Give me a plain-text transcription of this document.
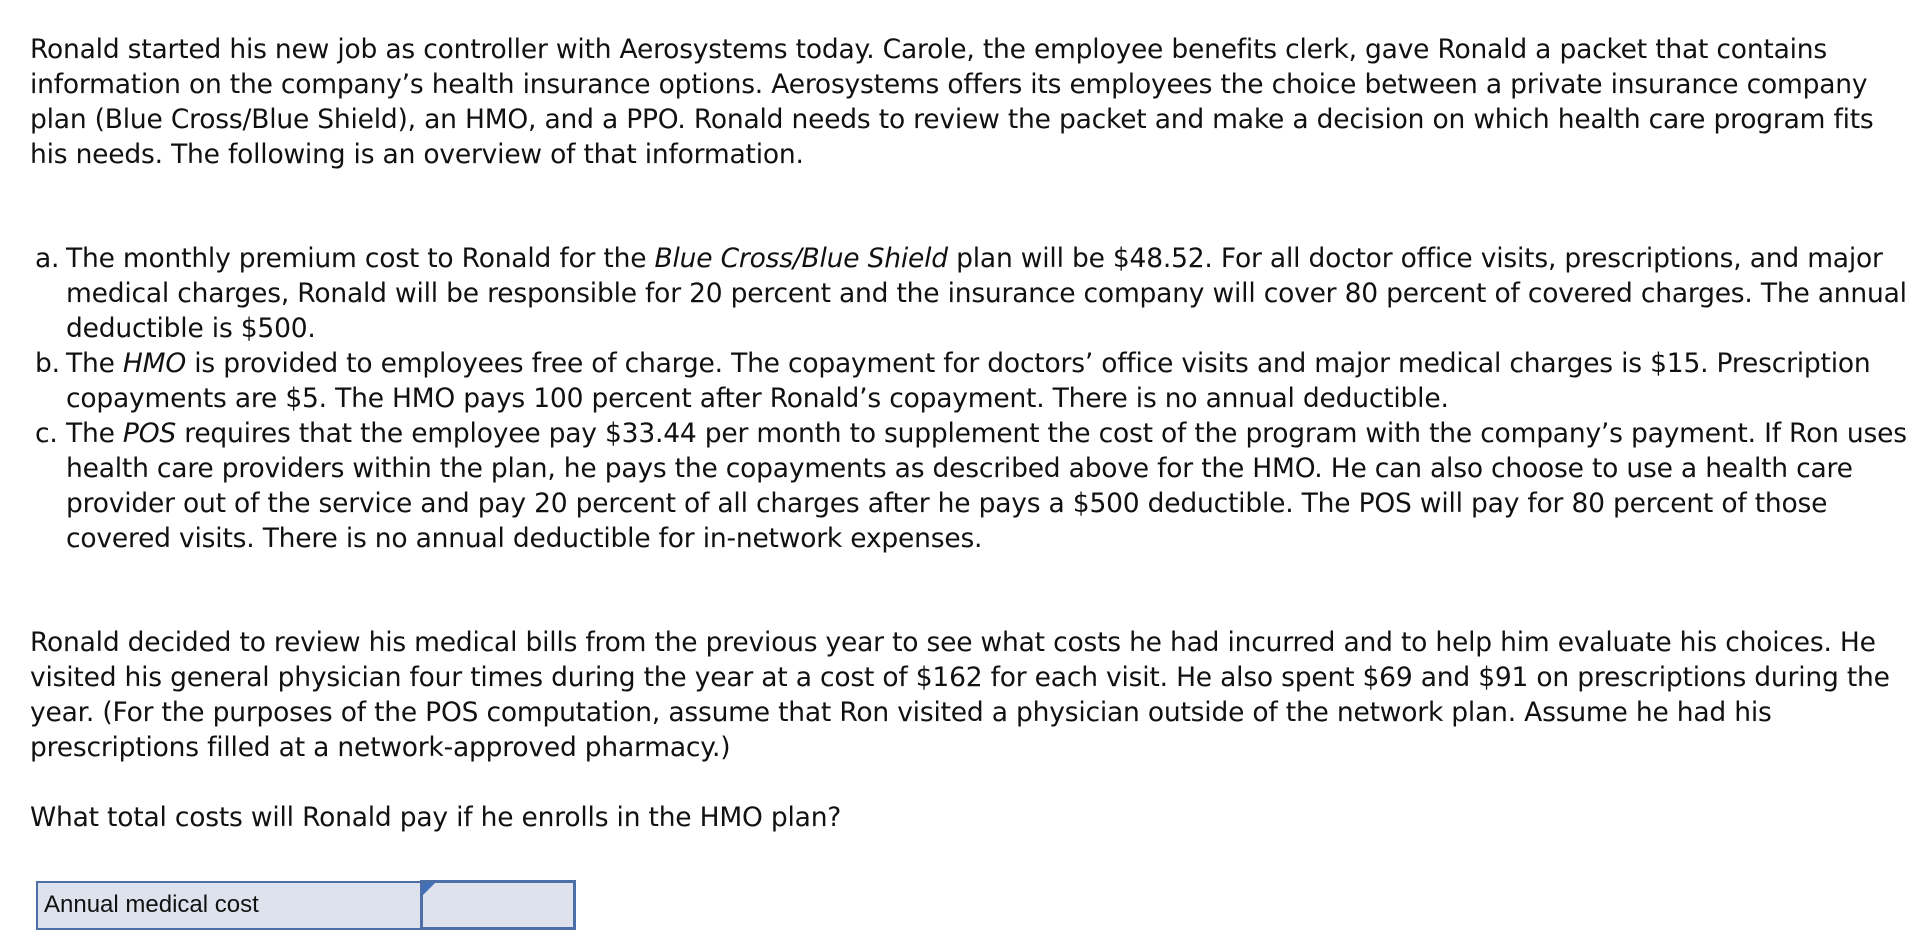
Ronald started his new job as controller with Aerosystems today. Carole, the employee benefits clerk, gave Ronald a packet that contains information on the company’s health insurance options. Aerosystems offers its employees the choice between a private insurance company plan (Blue Cross/Blue Shield), an HMO, and a PPO. Ronald needs to review the packet and make a decision on which health care program fits his needs. The following is an overview of that information.

a. The monthly premium cost to Ronald for the Blue Cross/Blue Shield plan will be $48.52. For all doctor office visits, prescriptions, and major medical charges, Ronald will be responsible for 20 percent and the insurance company will cover 80 percent of covered charges. The annual deductible is $500.
b. The HMO is provided to employees free of charge. The copayment for doctors’ office visits and major medical charges is $15. Prescription copayments are $5. The HMO pays 100 percent after Ronald’s copayment. There is no annual deductible.
c. The POS requires that the employee pay $33.44 per month to supplement the cost of the program with the company’s payment. If Ron uses health care providers within the plan, he pays the copayments as described above for the HMO. He can also choose to use a health care provider out of the service and pay 20 percent of all charges after he pays a $500 deductible. The POS will pay for 80 percent of those covered visits. There is no annual deductible for in-network expenses.

Ronald decided to review his medical bills from the previous year to see what costs he had incurred and to help him evaluate his choices. He visited his general physician four times during the year at a cost of $162 for each visit. He also spent $69 and $91 on prescriptions during the year. (For the purposes of the POS computation, assume that Ron visited a physician outside of the network plan. Assume he had his prescriptions filled at a network-approved pharmacy.)

What total costs will Ronald pay if he enrolls in the HMO plan?

Annual medical cost	
